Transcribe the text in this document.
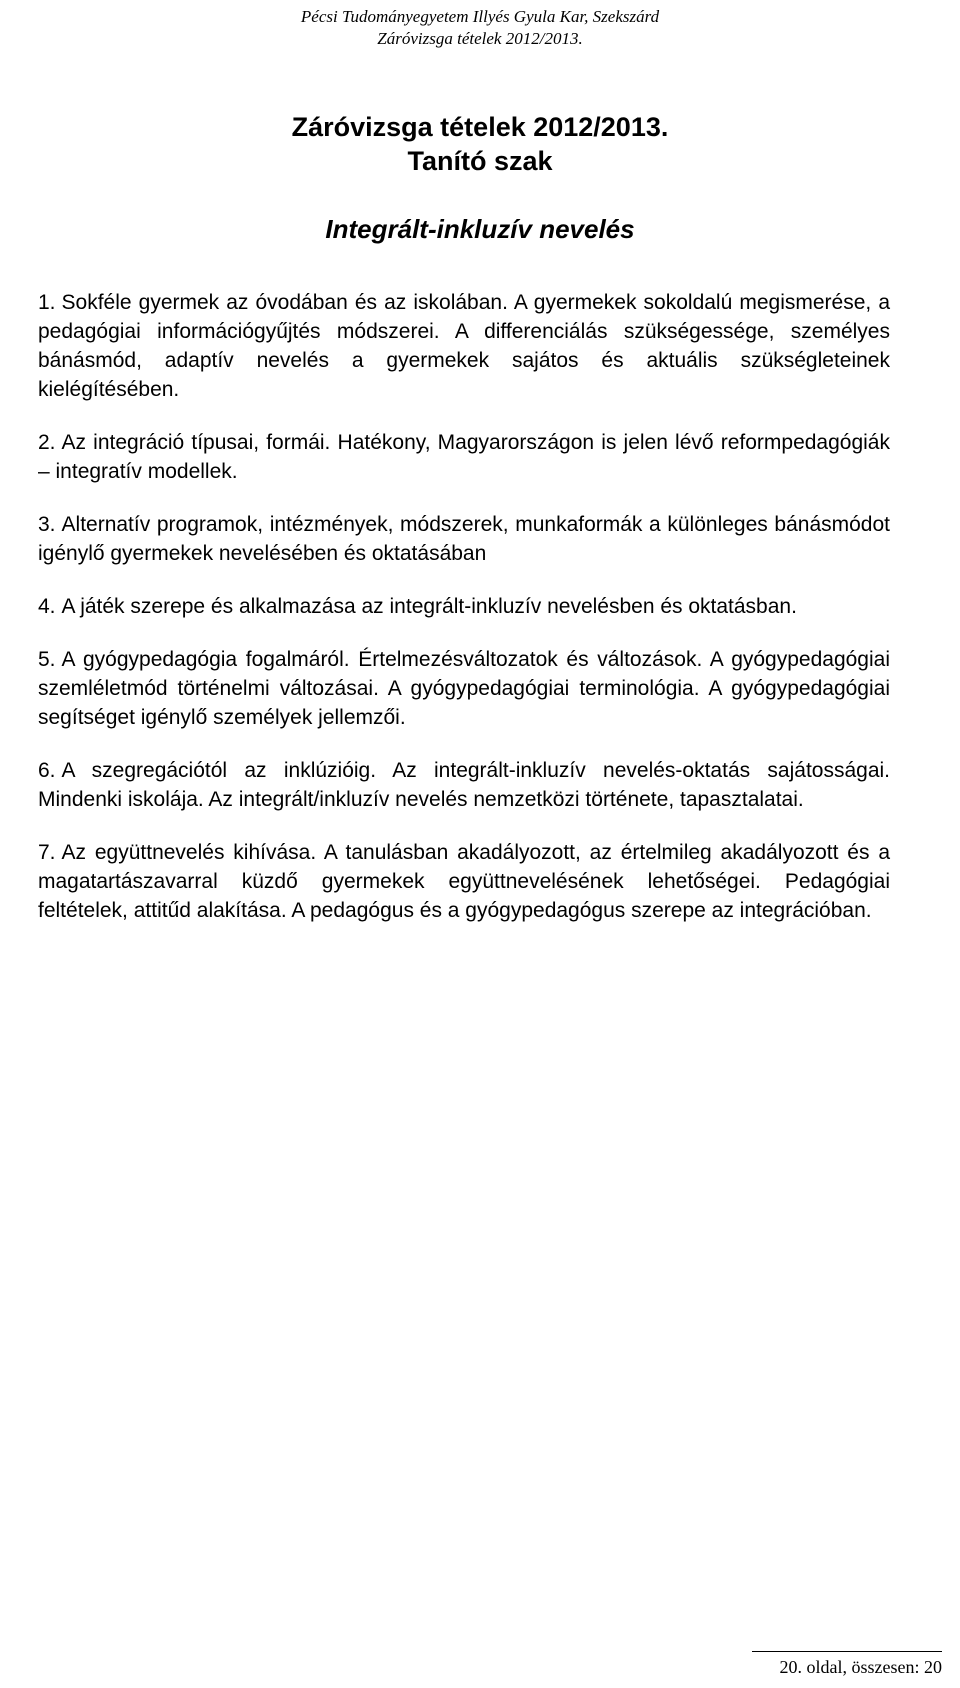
Pécsi Tudományegyetem Illyés Gyula Kar, Szekszárd
Záróvizsga tételek 2012/2013.
Záróvizsga tételek 2012/2013.
Tanító szak
Integrált-inkluzív nevelés
1. Sokféle gyermek az óvodában és az iskolában. A gyermekek sokoldalú megismerése, a pedagógiai információgyűjtés módszerei. A differenciálás szükségessége, személyes bánásmód, adaptív nevelés a gyermekek sajátos és aktuális szükségleteinek kielégítésében.
2. Az integráció típusai, formái. Hatékony, Magyarországon is jelen lévő reformpedagógiák – integratív modellek.
3. Alternatív programok, intézmények, módszerek, munkaformák a különleges bánásmódot igénylő gyermekek nevelésében és oktatásában
4. A játék szerepe és alkalmazása az integrált-inkluzív nevelésben és oktatásban.
5. A gyógypedagógia fogalmáról. Értelmezésváltozatok és változások. A gyógypedagógiai szemléletmód történelmi változásai. A gyógypedagógiai terminológia. A gyógypedagógiai segítséget igénylő személyek jellemzői.
6. A szegregációtól az inklúzióig. Az integrált-inkluzív nevelés-oktatás sajátosságai. Mindenki iskolája. Az integrált/inkluzív nevelés nemzetközi története, tapasztalatai.
7. Az együttnevelés kihívása. A tanulásban akadályozott, az értelmileg akadályozott és a magatartászavarral küzdő gyermekek együttnevelésének lehetőségei. Pedagógiai feltételek, attitűd alakítása. A pedagógus és a gyógypedagógus szerepe az integrációban.
20. oldal, összesen: 20
